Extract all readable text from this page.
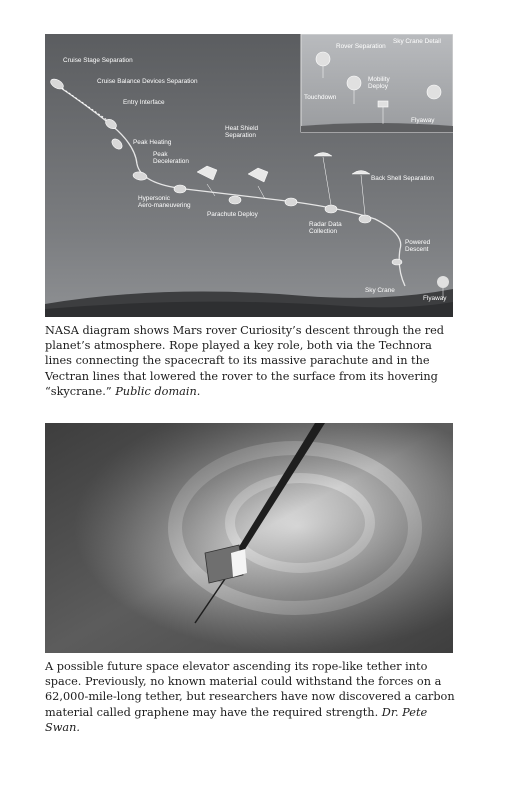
Sky Crane Detail
Cruise Stage Separation
Cruise Balance Devices Separation
Entry Interface
Peak Heating
Peak
Deceleration
Hypersonic
Aero-maneuvering
Heat Shield
Separation
Parachute Deploy
Radar Data
Collection
Back Shell Separation
Powered
Descent
Sky Crane
Flyaway
Rover Separation
Touchdown
Mobility
Deploy
Flyaway

NASA diagram shows Mars rover Curiosity’s descent through the red planet’s atmosphere. Rope played a key role, both via the Technora lines connecting the spacecraft to its massive parachute and in the Vectran lines that lowered the rover to the surface from its hovering “skycrane.” Public domain.

A possible future space elevator ascending its rope-like tether into space. Previously, no known material could withstand the forces on a 62,000-mile-long tether, but researchers have now discovered a carbon material called graphene may have the required strength. Dr. Pete Swan.
